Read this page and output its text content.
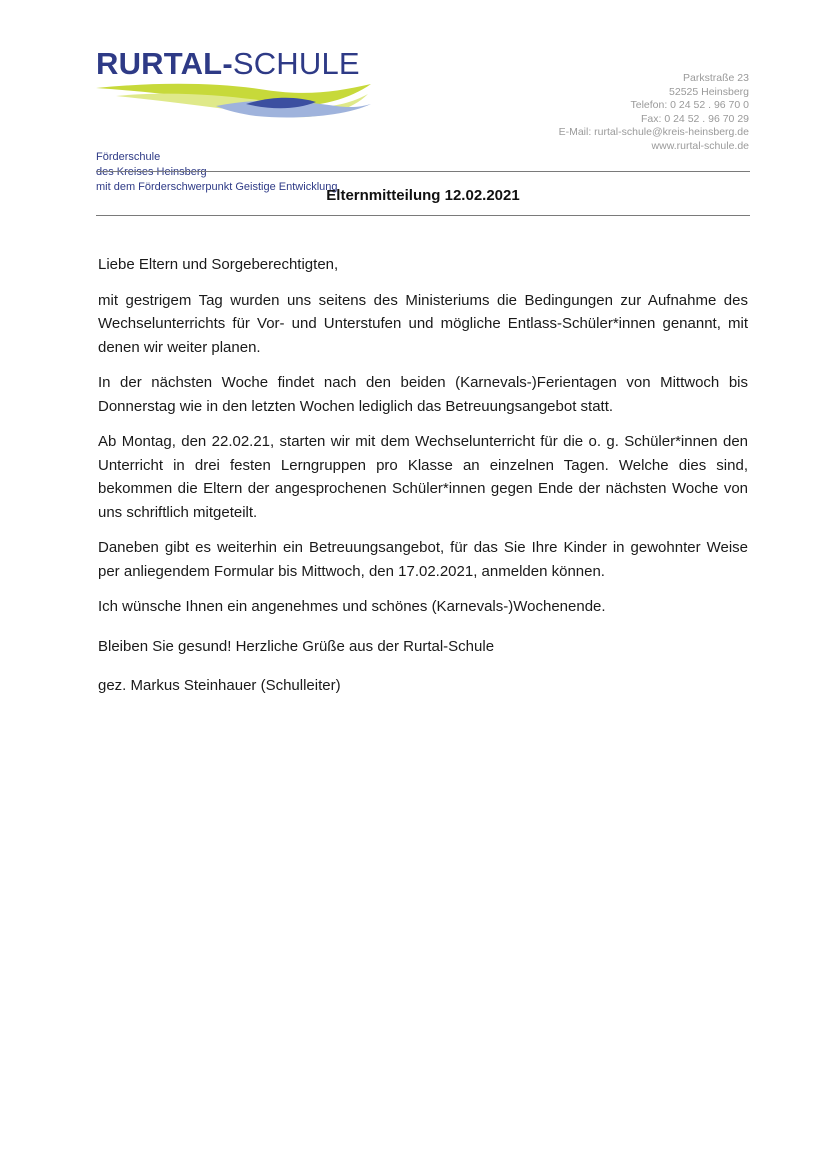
RURTAL-SCHULE
Förderschule
des Kreises Heinsberg
mit dem Förderschwerpunkt Geistige Entwicklung
Parkstraße 23
52525 Heinsberg
Telefon: 0 24 52 . 96 70 0
Fax: 0 24 52 . 96 70 29
E-Mail: rurtal-schule@kreis-heinsberg.de
www.rurtal-schule.de
Elternmitteilung 12.02.2021

Liebe Eltern und Sorgeberechtigten,

mit gestrigem Tag wurden uns seitens des Ministeriums die Bedingungen zur Aufnahme des Wechselunterrichts für Vor- und Unterstufen und mögliche Entlass-Schüler*innen genannt, mit denen wir weiter planen.

In der nächsten Woche findet nach den beiden (Karnevals-)Ferientagen von Mittwoch bis Donnerstag wie in den letzten Wochen lediglich das Betreuungsangebot statt.

Ab Montag, den 22.02.21, starten wir mit dem Wechselunterricht für die o. g. Schüler*innen den Unterricht in drei festen Lerngruppen pro Klasse an einzelnen Tagen. Welche dies sind, bekommen die Eltern der angesprochenen Schüler*innen gegen Ende der nächsten Woche von uns schriftlich mitgeteilt.

Daneben gibt es weiterhin ein Betreuungsangebot, für das Sie Ihre Kinder in gewohnter Weise per anliegendem Formular bis Mittwoch, den 17.02.2021, anmelden können.

Ich wünsche Ihnen ein angenehmes und schönes (Karnevals-)Wochenende.

Bleiben Sie gesund! Herzliche Grüße aus der Rurtal-Schule

gez. Markus Steinhauer (Schulleiter)
